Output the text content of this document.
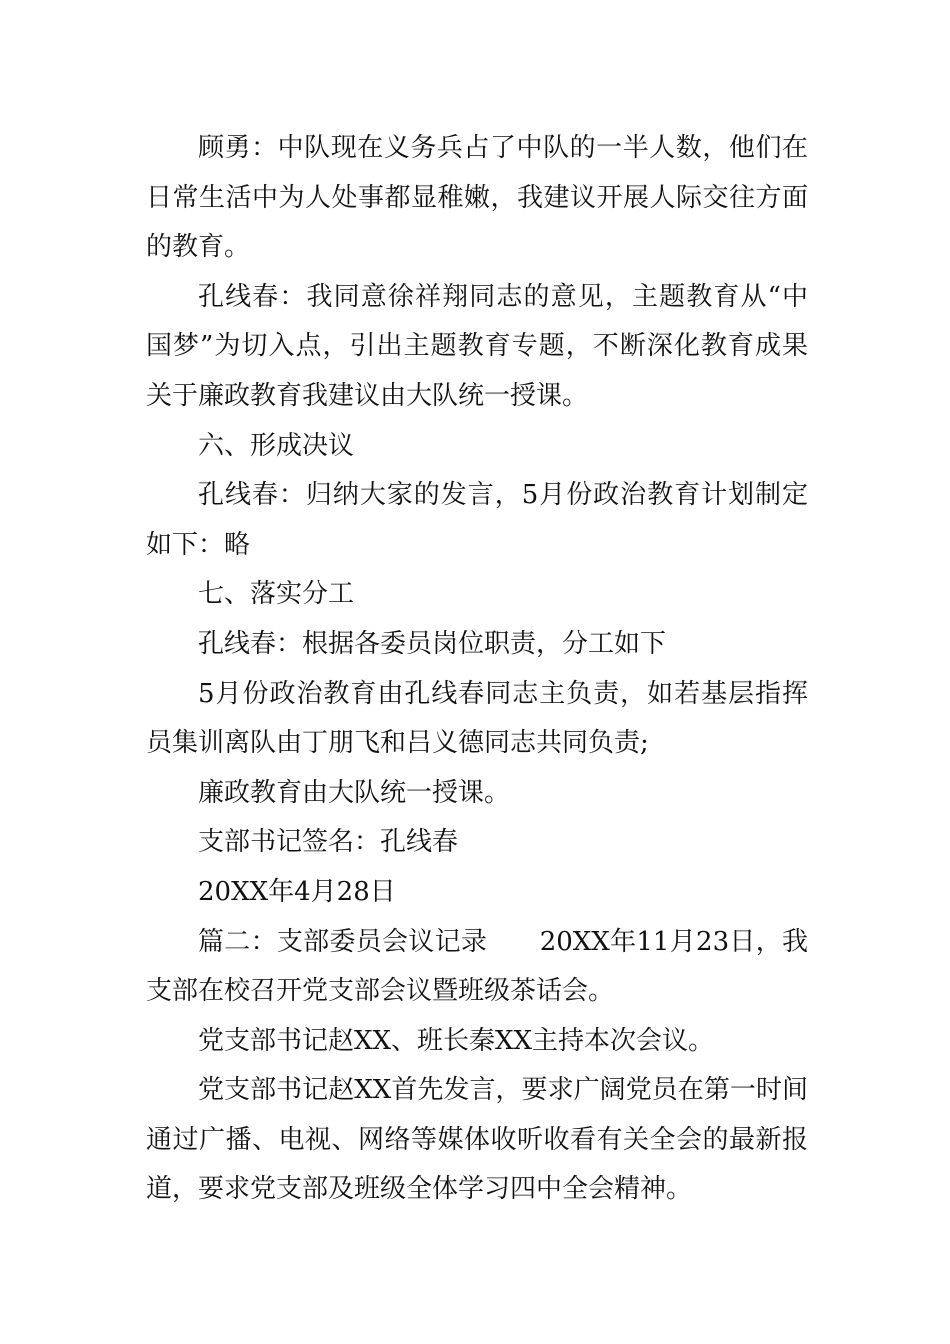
顾勇：中队现在义务兵占了中队的一半人数，他们在日常生活中为人处事都显稚嫩，我建议开展人际交往方面的教育。

孔线春：我同意徐祥翔同志的意见，主题教育从“中国梦”为切入点，引出主题教育专题，不断深化教育成果关于廉政教育我建议由大队统一授课。

六、形成决议

孔线春：归纳大家的发言，5月份政治教育计划制定如下：略

七、落实分工

孔线春：根据各委员岗位职责，分工如下

5月份政治教育由孔线春同志主负责，如若基层指挥员集训离队由丁朋飞和吕义德同志共同负责;

廉政教育由大队统一授课。

支部书记签名：孔线春

20XX年4月28日

篇二：支部委员会议记录　　20XX年11月23日，我支部在校召开党支部会议暨班级茶话会。

党支部书记赵XX、班长秦XX主持本次会议。

党支部书记赵XX首先发言，要求广阔党员在第一时间通过广播、电视、网络等媒体收听收看有关全会的最新报道，要求党支部及班级全体学习四中全会精神。
